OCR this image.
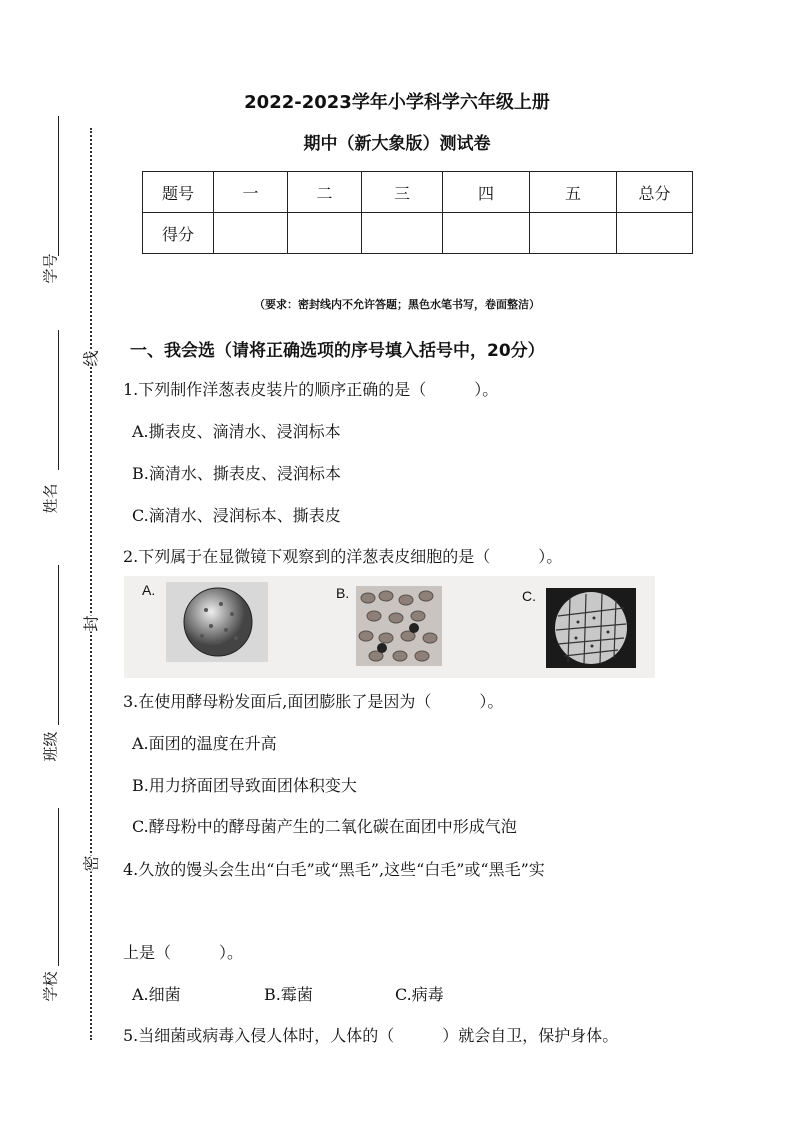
学号
姓名
班级
学校
线
封
密
2022-2023学年小学科学六年级上册
期中（新大象版）测试卷
题号	一	二	三	四	五	总分
得分						
（要求：密封线内不允许答题；黑色水笔书写，卷面整洁）
一、我会选（请将正确选项的序号填入括号中，20分）
1.下列制作洋葱表皮装片的顺序正确的是（　　　）。
A.撕表皮、滴清水、浸润标本
B.滴清水、撕表皮、浸润标本
C.滴清水、浸润标本、撕表皮
2.下列属于在显微镜下观察到的洋葱表皮细胞的是（　　　）。
A.	B.	C.
3.在使用酵母粉发面后,面团膨胀了是因为（　　　）。
A.面团的温度在升高
B.用力挤面团导致面团体积变大
C.酵母粉中的酵母菌产生的二氧化碳在面团中形成气泡
4.久放的馒头会生出“白毛”或“黑毛”,这些“白毛”或“黑毛”实
上是（　　　）。
A.细菌	B.霉菌	C.病毒
5.当细菌或病毒入侵人体时，人体的（　　　）就会自卫，保护身体。
